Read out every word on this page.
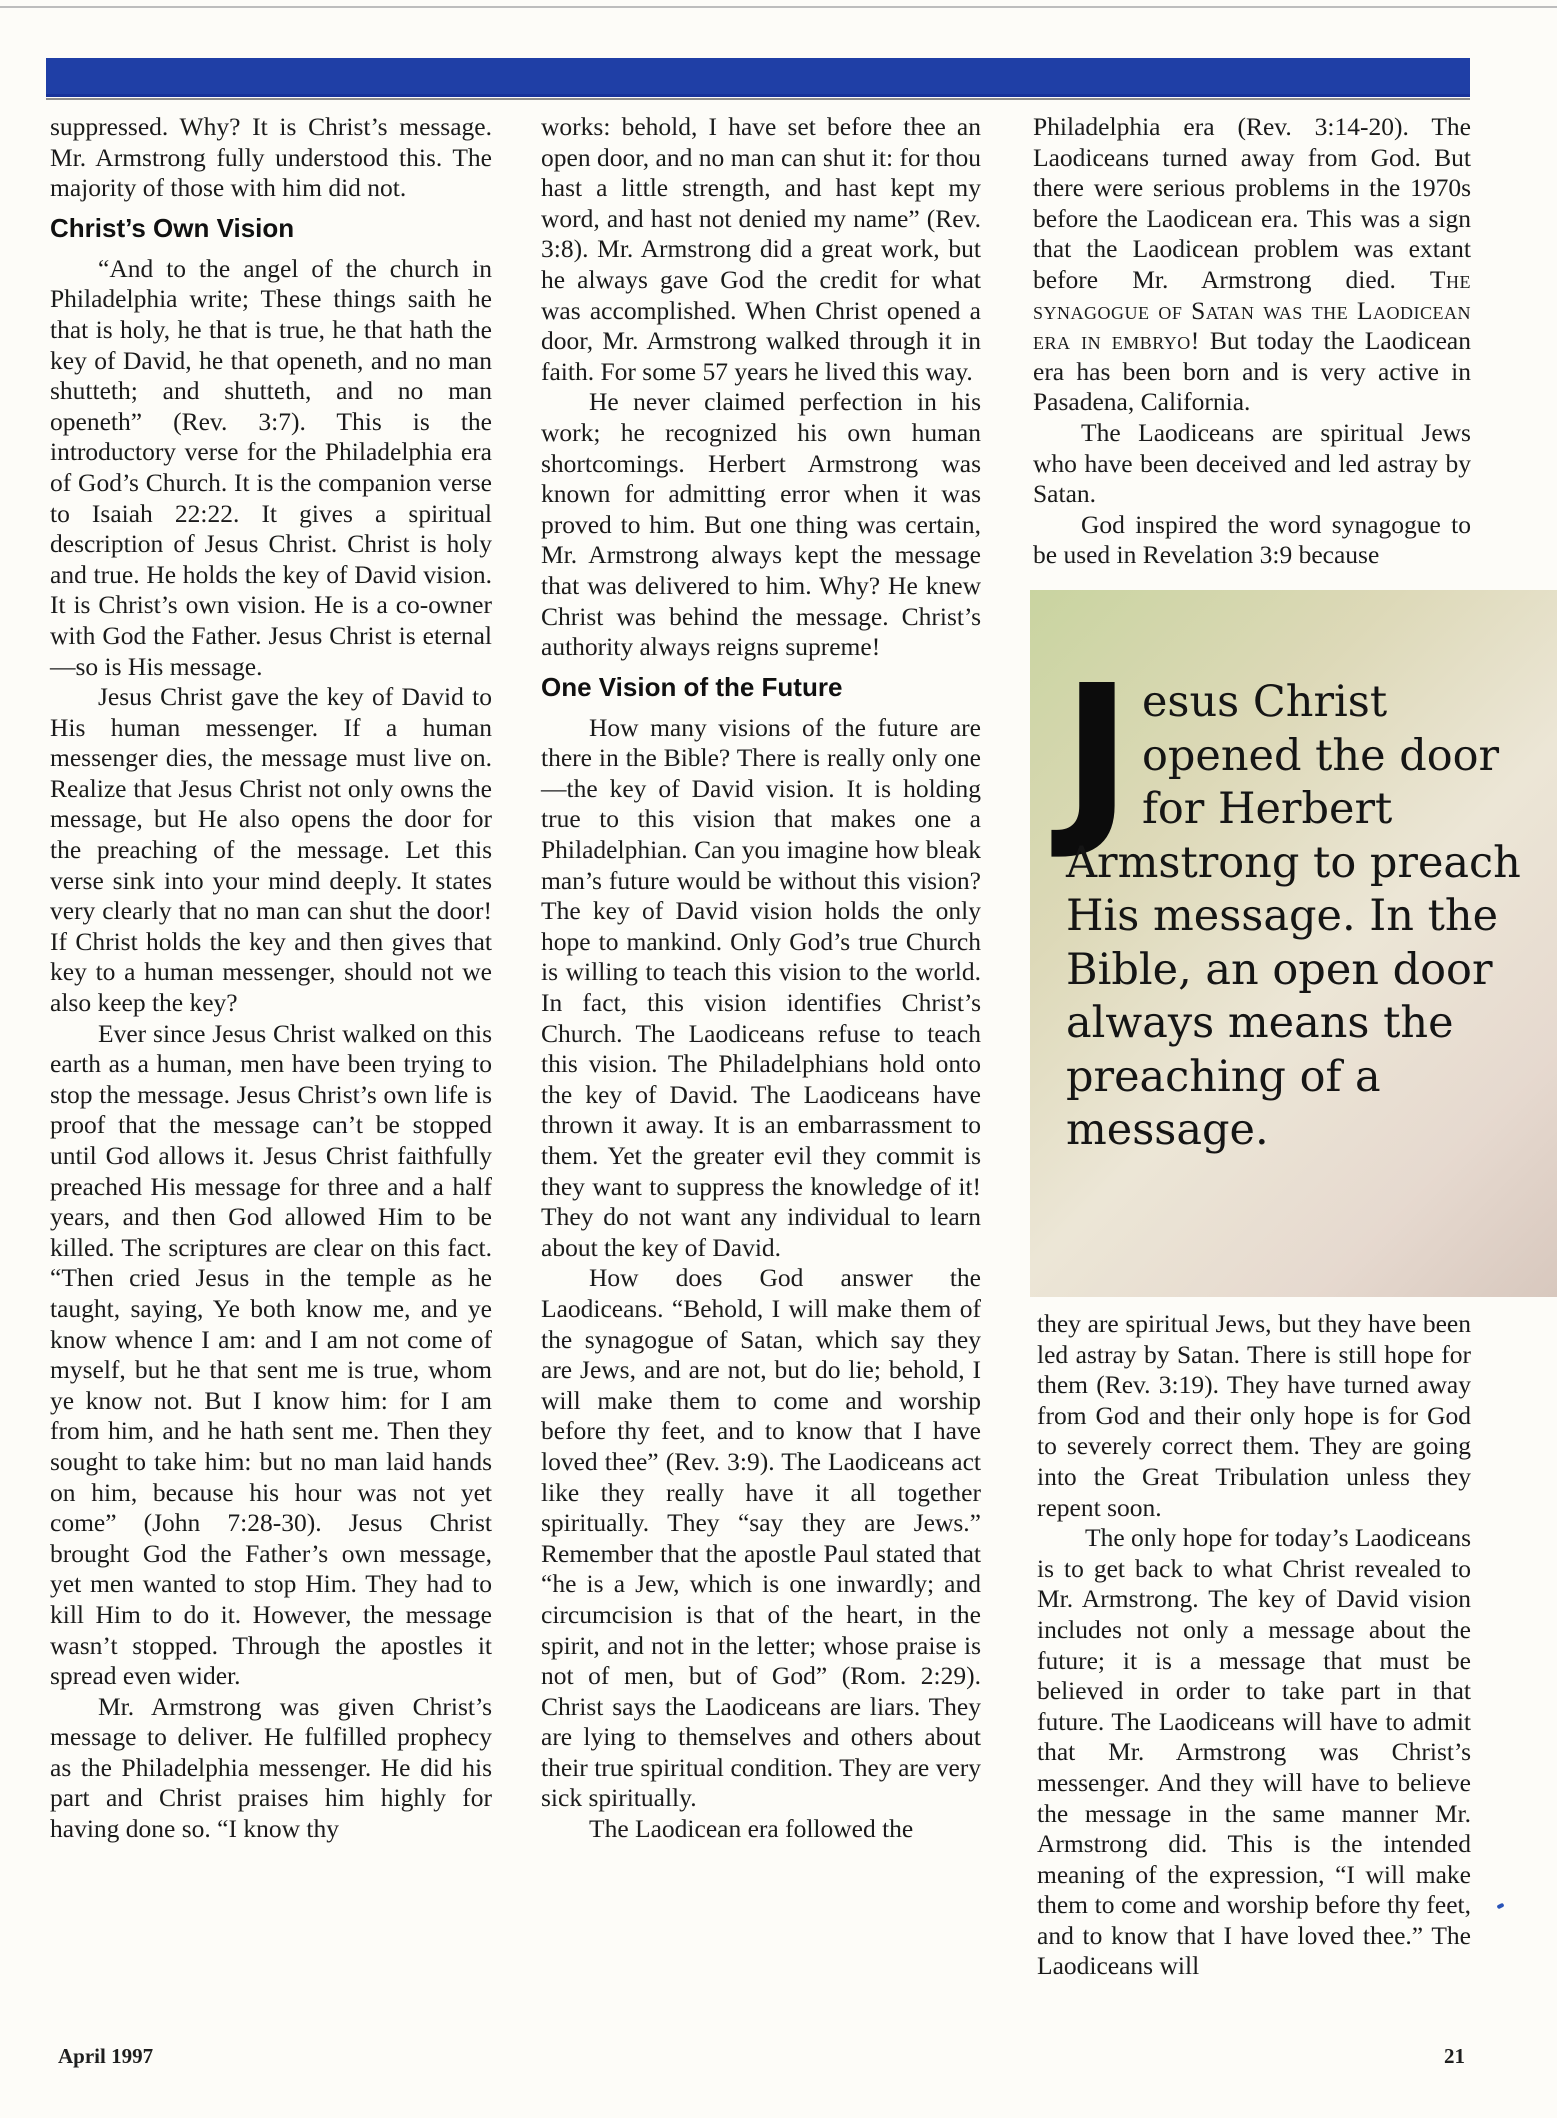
suppressed. Why? It is Christ’s message. Mr. Armstrong fully understood this. The majority of those with him did not.

Christ’s Own Vision

“And to the angel of the church in Philadelphia write; These things saith he that is holy, he that is true, he that hath the key of David, he that openeth, and no man shutteth; and shutteth, and no man openeth” (Rev. 3:7). This is the introductory verse for the Philadelphia era of God’s Church. It is the companion verse to Isaiah 22:22. It gives a spiritual description of Jesus Christ. Christ is holy and true. He holds the key of David vision. It is Christ’s own vision. He is a co-owner with God the Father. Jesus Christ is eternal—so is His message.

Jesus Christ gave the key of David to His human messenger. If a human messenger dies, the message must live on. Realize that Jesus Christ not only owns the message, but He also opens the door for the preaching of the message. Let this verse sink into your mind deeply. It states very clearly that no man can shut the door! If Christ holds the key and then gives that key to a human messenger, should not we also keep the key?

Ever since Jesus Christ walked on this earth as a human, men have been trying to stop the message. Jesus Christ’s own life is proof that the message can’t be stopped until God allows it. Jesus Christ faithfully preached His message for three and a half years, and then God allowed Him to be killed. The scriptures are clear on this fact. “Then cried Jesus in the temple as he taught, saying, Ye both know me, and ye know whence I am: and I am not come of myself, but he that sent me is true, whom ye know not. But I know him: for I am from him, and he hath sent me. Then they sought to take him: but no man laid hands on him, because his hour was not yet come” (John 7:28-30). Jesus Christ brought God the Father’s own message, yet men wanted to stop Him. They had to kill Him to do it. However, the message wasn’t stopped. Through the apostles it spread even wider.

Mr. Armstrong was given Christ’s message to deliver. He fulfilled prophecy as the Philadelphia messenger. He did his part and Christ praises him highly for having done so. “I know thy

works: behold, I have set before thee an open door, and no man can shut it: for thou hast a little strength, and hast kept my word, and hast not denied my name” (Rev. 3:8). Mr. Armstrong did a great work, but he always gave God the credit for what was accomplished. When Christ opened a door, Mr. Armstrong walked through it in faith. For some 57 years he lived this way.

He never claimed perfection in his work; he recognized his own human shortcomings. Herbert Armstrong was known for admitting error when it was proved to him. But one thing was certain, Mr. Armstrong always kept the message that was delivered to him. Why? He knew Christ was behind the message. Christ’s authority always reigns supreme!

One Vision of the Future

How many visions of the future are there in the Bible? There is really only one—the key of David vision. It is holding true to this vision that makes one a Philadelphian. Can you imagine how bleak man’s future would be without this vision? The key of David vision holds the only hope to mankind. Only God’s true Church is willing to teach this vision to the world. In fact, this vision identifies Christ’s Church. The Laodiceans refuse to teach this vision. The Philadelphians hold onto the key of David. The Laodiceans have thrown it away. It is an embarrassment to them. Yet the greater evil they commit is they want to suppress the knowledge of it! They do not want any individual to learn about the key of David.

How does God answer the Laodiceans. “Behold, I will make them of the synagogue of Satan, which say they are Jews, and are not, but do lie; behold, I will make them to come and worship before thy feet, and to know that I have loved thee” (Rev. 3:9). The Laodiceans act like they really have it all together spiritually. They “say they are Jews.” Remember that the apostle Paul stated that “he is a Jew, which is one inwardly; and circumcision is that of the heart, in the spirit, and not in the letter; whose praise is not of men, but of God” (Rom. 2:29). Christ says the Laodiceans are liars. They are lying to themselves and others about their true spiritual condition. They are very sick spiritually.

The Laodicean era followed the

Philadelphia era (Rev. 3:14-20). The Laodiceans turned away from God. But there were serious problems in the 1970s before the Laodicean era. This was a sign that the Laodicean problem was extant before Mr. Armstrong died. The synagogue of Satan was the Laodicean era in embryo! But today the Laodicean era has been born and is very active in Pasadena, California.

The Laodiceans are spiritual Jews who have been deceived and led astray by Satan.

God inspired the word synagogue to be used in Revelation 3:9 because

Jesus Christ opened the door for Herbert Armstrong to preach His message. In the Bible, an open door always means the preaching of a message.

they are spiritual Jews, but they have been led astray by Satan. There is still hope for them (Rev. 3:19). They have turned away from God and their only hope is for God to severely correct them. They are going into the Great Tribulation unless they repent soon.

The only hope for today’s Laodiceans is to get back to what Christ revealed to Mr. Armstrong. The key of David vision includes not only a message about the future; it is a message that must be believed in order to take part in that future. The Laodiceans will have to admit that Mr. Armstrong was Christ’s messenger. And they will have to believe the message in the same manner Mr. Armstrong did. This is the intended meaning of the expression, “I will make them to come and worship before thy feet, and to know that I have loved thee.” The Laodiceans will

April 1997	21
